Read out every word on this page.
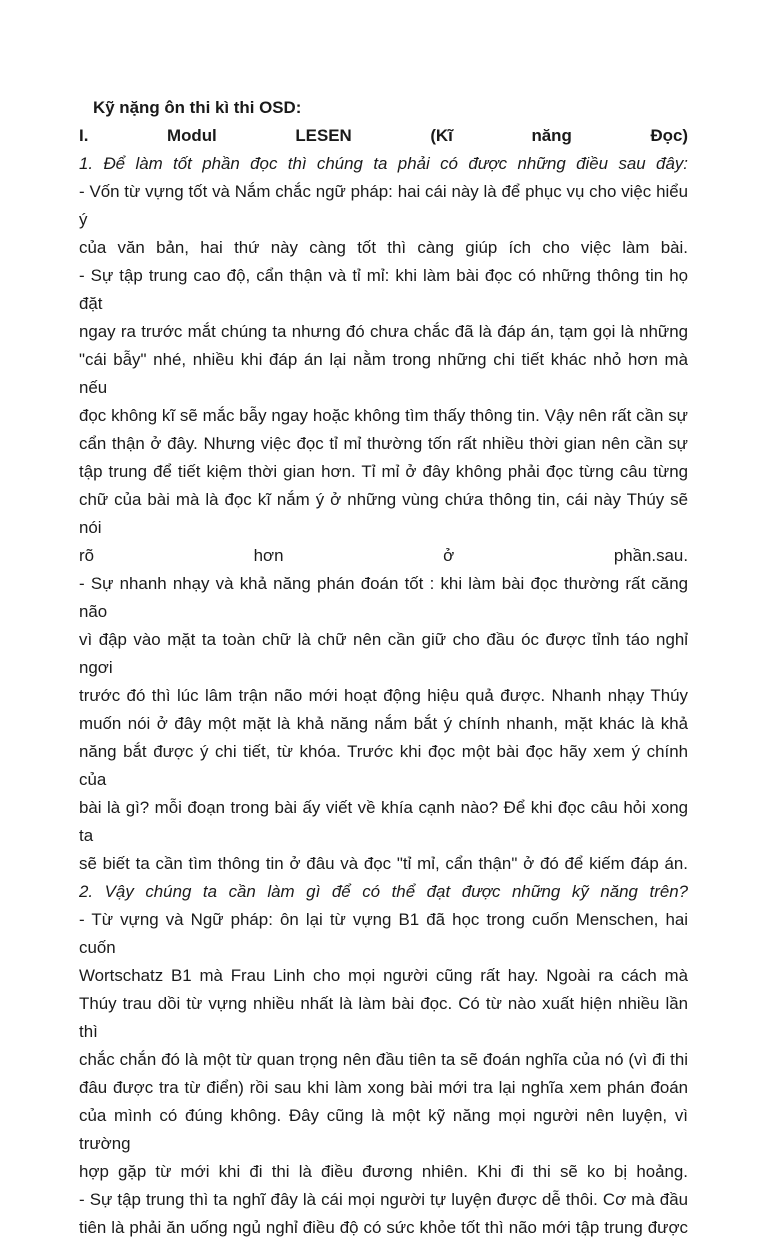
Kỹ nặng ôn thi kì thi OSD:
I.	Modul	LESEN	(Kĩ	năng	Đọc)
1. Để làm tốt phần đọc thì chúng ta phải có được những điều sau đây:
- Vốn từ vựng tốt và Nắm chắc ngữ pháp: hai cái này là để phục vụ cho việc hiểu ý
của văn bản, hai thứ này càng tốt thì càng giúp ích cho việc làm bài.
- Sự tập trung cao độ, cẩn thận và tỉ mỉ: khi làm bài đọc có những thông tin họ đặt
ngay ra trước mắt chúng ta nhưng đó chưa chắc đã là đáp án, tạm gọi là những
"cái bẫy" nhé, nhiều khi đáp án lại nằm trong những chi tiết khác nhỏ hơn mà nếu
đọc không kĩ sẽ mắc bẫy ngay hoặc không tìm thấy thông tin. Vậy nên rất cần sự
cẩn thận ở đây. Nhưng việc đọc tỉ mỉ thường tốn rất nhiều thời gian nên cần sự
tập trung để tiết kiệm thời gian hơn. Tỉ mỉ ở đây không phải đọc từng câu từng
chữ của bài mà là đọc kĩ nắm ý ở những vùng chứa thông tin, cái này Thúy sẽ nói
rõ	hơn	ở	phần.sau.
- Sự nhanh nhạy và khả năng phán đoán tốt : khi làm bài đọc thường rất căng não
vì đập vào mặt ta toàn chữ là chữ nên cần giữ cho đầu óc được tỉnh táo nghỉ ngơi
trước đó thì lúc lâm trận não mới hoạt động hiệu quả được. Nhanh nhạy Thúy
muốn nói ở đây một mặt là khả năng nắm bắt ý chính nhanh, mặt khác là khả
năng bắt được ý chi tiết, từ khóa. Trước khi đọc một bài đọc hãy xem ý chính của
bài là gì? mỗi đoạn trong bài ấy viết về khía cạnh nào? Để khi đọc câu hỏi xong ta
sẽ biết ta cần tìm thông tin ở đâu và đọc "tỉ mỉ, cẩn thận" ở đó để kiếm đáp án.
2. Vậy chúng ta cần làm gì để có thể đạt được những kỹ năng trên?
- Từ vựng và Ngữ pháp: ôn lại từ vựng B1 đã học trong cuốn Menschen, hai cuốn
Wortschatz B1 mà Frau Linh cho mọi người cũng rất hay. Ngoài ra cách mà
Thúy trau dồi từ vựng nhiều nhất là làm bài đọc. Có từ nào xuất hiện nhiều lần thì
chắc chắn đó là một từ quan trọng nên đầu tiên ta sẽ đoán nghĩa của nó (vì đi thi
đâu được tra từ điển) rồi sau khi làm xong bài mới tra lại nghĩa xem phán đoán
của mình có đúng không. Đây cũng là một kỹ năng mọi người nên luyện, vì trường
hợp gặp từ mới khi đi thi là điều đương nhiên. Khi đi thi sẽ ko bị hoảng.
- Sự tập trung thì ta nghĩ đây là cái mọi người tự luyện được dễ thôi. Cơ mà đầu
tiên là phải ăn uống ngủ nghỉ điều độ có sức khỏe tốt thì não mới tập trung được
